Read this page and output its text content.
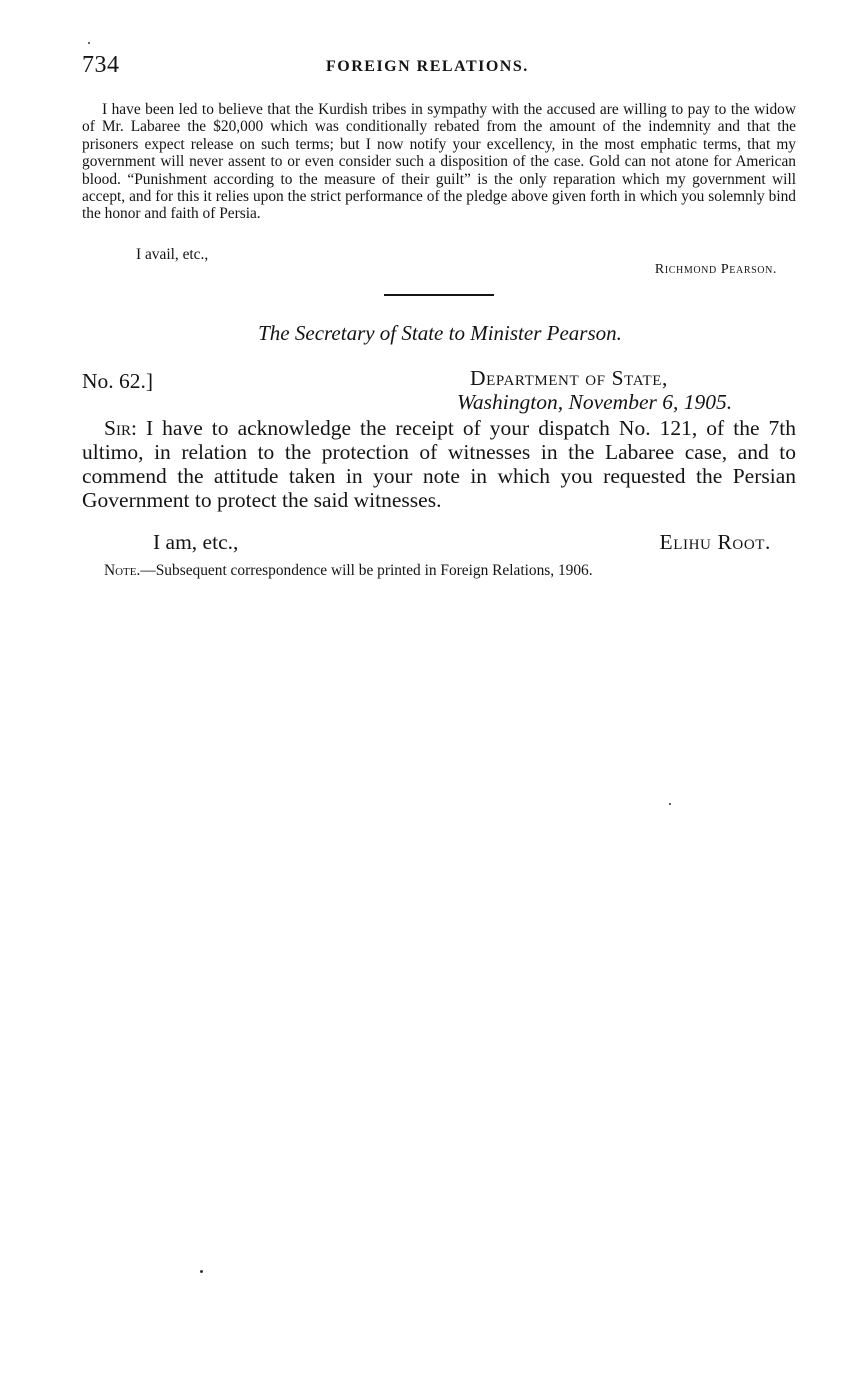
734	FOREIGN RELATIONS.
I have been led to believe that the Kurdish tribes in sympathy with the accused are willing to pay to the widow of Mr. Labaree the $20,000 which was conditionally rebated from the amount of the indemnity and that the prisoners expect release on such terms; but I now notify your excellency, in the most emphatic terms, that my government will never assent to or even consider such a disposition of the case. Gold can not atone for American blood. “Punishment according to the measure of their guilt” is the only reparation which my government will accept, and for this it relies upon the strict performance of the pledge above given forth in which you solemnly bind the honor and faith of Persia.
I avail, etc.,
Richmond Pearson.
The Secretary of State to Minister Pearson.
No. 62.]	Department of State,
Washington, November 6, 1905.
Sir: I have to acknowledge the receipt of your dispatch No. 121, of the 7th ultimo, in relation to the protection of witnesses in the Labaree case, and to commend the attitude taken in your note in which you requested the Persian Government to protect the said witnesses.
I am, etc.,	Elihu Root.
Note.—Subsequent correspondence will be printed in Foreign Relations, 1906.
